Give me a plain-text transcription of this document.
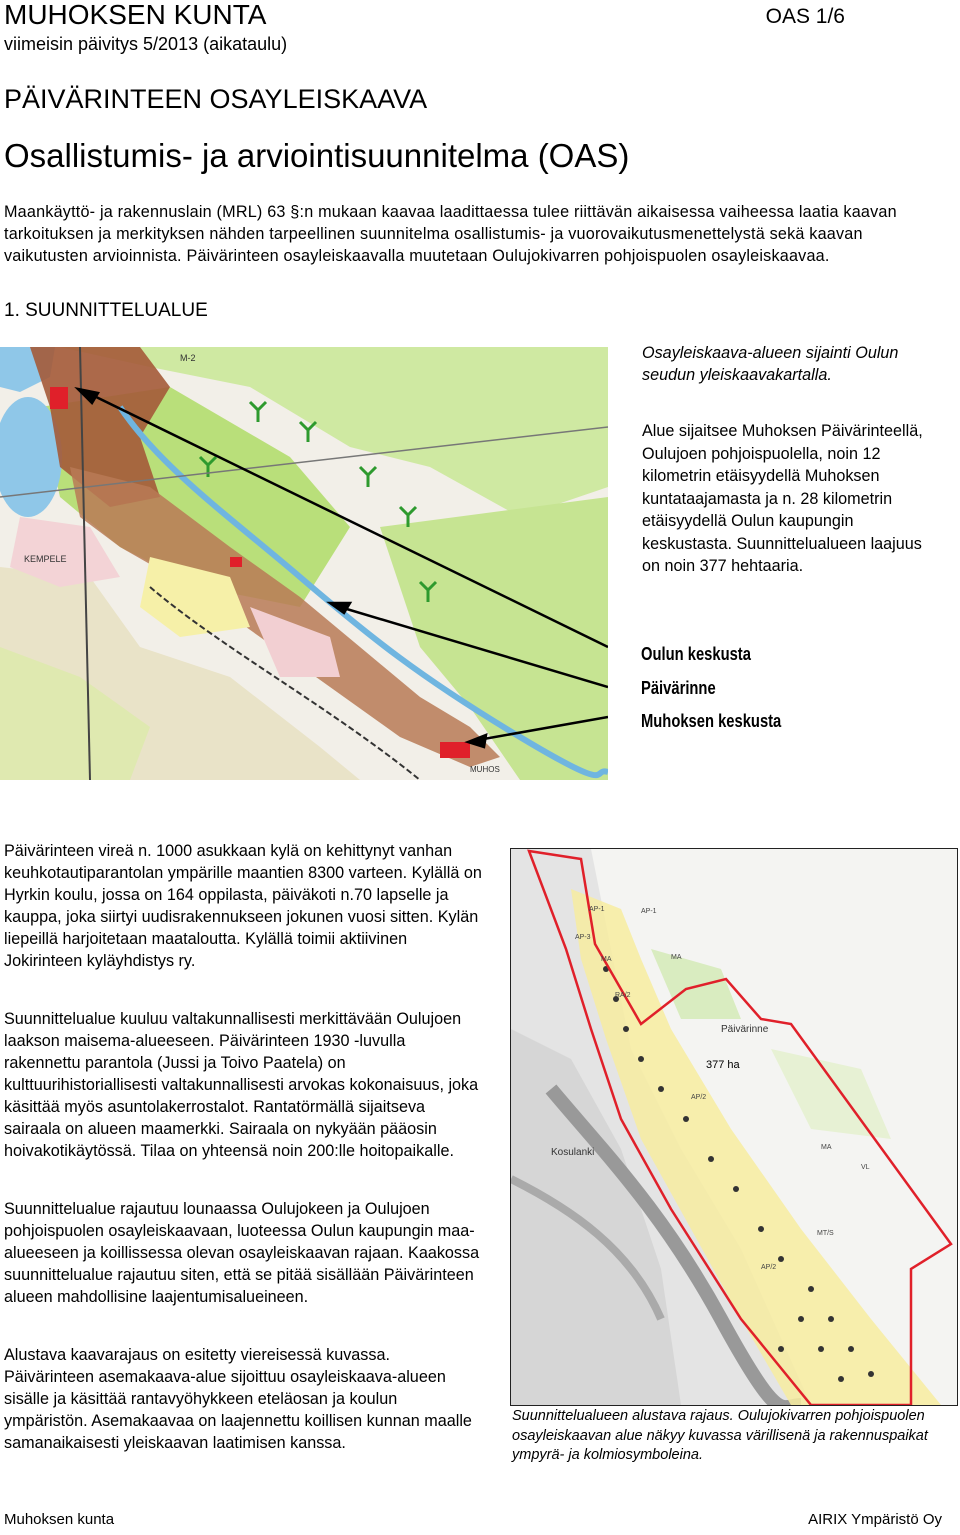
MUHOKSEN KUNTA
viimeisin päivitys 5/2013 (aikataulu)
OAS 1/6
PÄIVÄRINTEEN OSAYLEISKAAVA
Osallistumis- ja arviointisuunnitelma (OAS)

Maankäyttö- ja rakennuslain (MRL) 63 §:n mukaan kaavaa laadittaessa tulee riittävän aikaisessa vaiheessa laatia kaavan tarkoituksen ja merkityksen nähden tarpeellinen suunnitelma osallistumis- ja vuorovaikutusmenettelystä sekä kaavan vaikutusten arvioinnista. Päivärinteen osayleiskaavalla muutetaan Oulujokivarren pohjoispuolen osayleiskaavaa.

1. SUUNNITTELUALUE
KEMPELE
M-2
MUHOS
Osayleiskaava-alueen sijainti Oulun seudun yleiskaavakartalla.
Alue sijaitsee Muhoksen Päivärinteellä, Oulujoen pohjoispuolella, noin 12 kilometrin etäisyydellä Muhoksen kuntataajamasta ja n. 28 kilometrin etäisyydellä Oulun kaupungin keskustasta. Suunnittelualueen laajuus on noin 377 hehtaaria.
Oulun keskusta
Päivärinne
Muhoksen keskusta

Päivärinteen vireä n. 1000 asukkaan kylä on kehittynyt vanhan keuhkotautiparantolan ympärille maantien 8300 varteen. Kylällä on Hyrkin koulu, jossa on 164 oppilasta, päiväkoti n.70 lapselle ja kauppa, joka siirtyi uudisrakennukseen jokunen vuosi sitten. Kylän liepeillä harjoitetaan maataloutta. Kylällä toimii aktiivinen Jokirinteen kyläyhdistys ry.

Suunnittelualue kuuluu valtakunnallisesti merkittävään Oulujoen laakson maisema-alueeseen. Päivärinteen 1930 -luvulla rakennettu parantola (Jussi ja Toivo Paatela) on kulttuurihistoriallisesti valtakunnallisesti arvokas kokonaisuus, joka käsittää myös asuntolakerrostalot. Rantatörmällä sijaitseva sairaala on alueen maamerkki. Sairaala on nykyään pääosin hoivakotikäytössä. Tilaa on yhteensä noin 200:lle hoitopaikalle.

Suunnittelualue rajautuu lounaassa Oulujokeen ja Oulujoen pohjoispuolen osayleiskaavaan, luoteessa Oulun kaupungin maa-alueeseen ja koillissessa olevan osayleiskaavan rajaan. Kaakossa suunnittelualue rajautuu siten, että se pitää sisällään Päivärinteen alueen mahdollisine laajentumisalueineen.

Alustava kaavarajaus on esitetty viereisessä kuvassa. Päivärinteen asemakaava-alue sijoittuu osayleiskaava-alueen sisälle ja käsittää rantavyöhykkeen eteläosan ja koulun ympäristön. Asemakaavaa on laajennettu koillisen kunnan maalle samanaikaisesti yleiskaavan laatimisen kanssa.

377 ha
Päivärinne
Kosulanki
AP-1
AP-3
MA
RA/2
AP-1
MA
AP/2
MA
VL
MT/S
AP/2
Suunnittelualueen alustava rajaus. Oulujokivarren pohjoispuolen osayleiskaavan alue näkyy kuvassa värillisenä ja rakennuspaikat ympyrä- ja kolmiosymboleina.
Muhoksen kunta	AIRIX Ympäristö Oy
